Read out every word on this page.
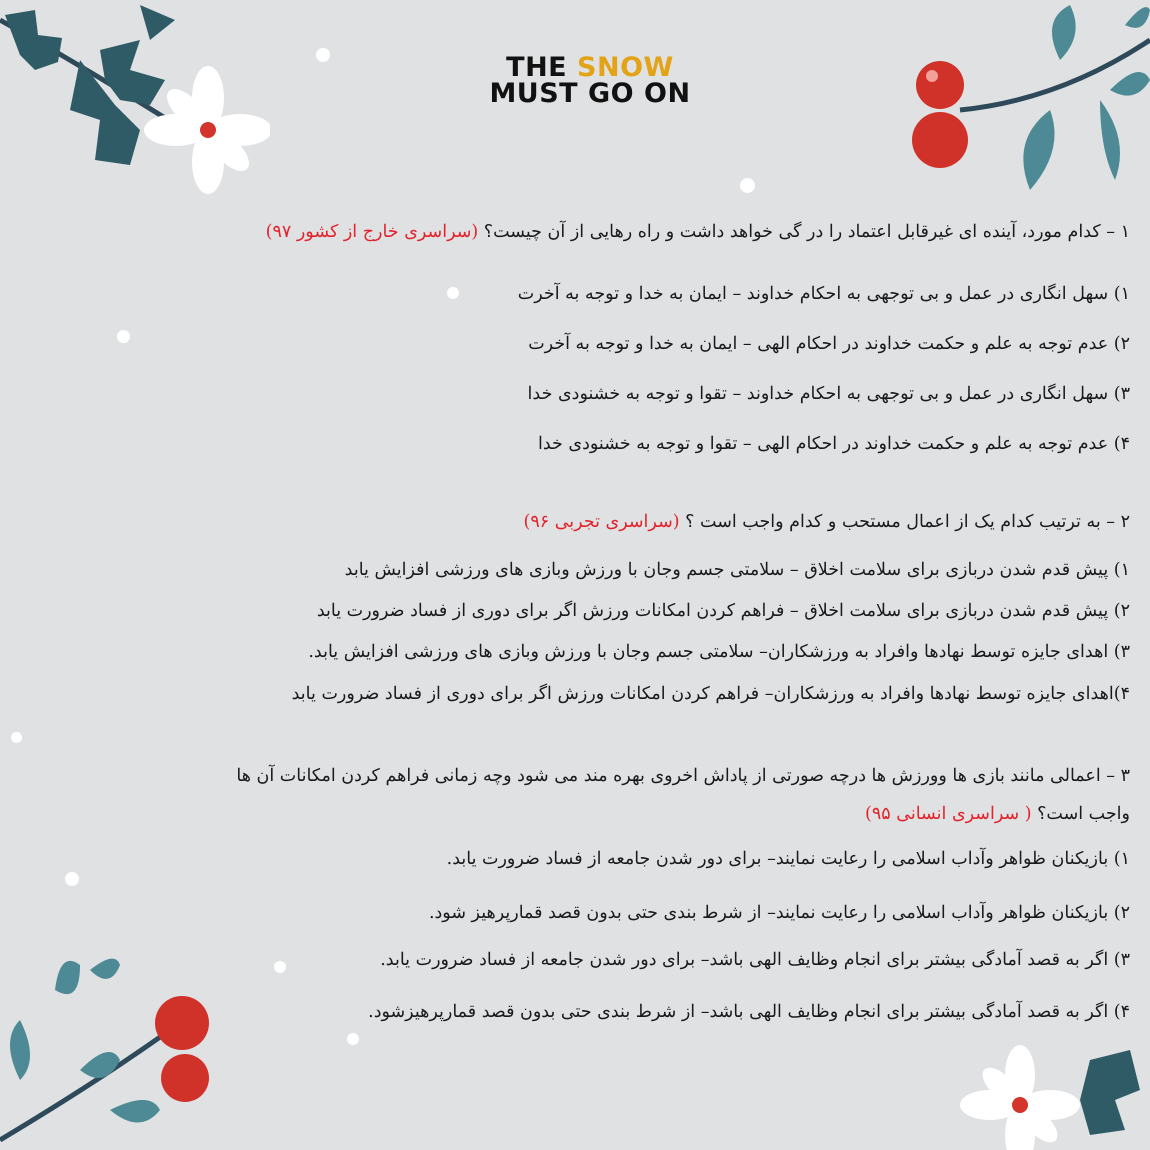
THE SNOW
MUST GO ON
۱ – کدام مورد، آینده ای غیرقابل اعتماد را در گی خواهد داشت و راه رهایی از آن چیست؟ (سراسری خارج از کشور ۹۷)
۱) سهل انگاری در عمل و بی توجهی به احکام خداوند – ایمان به خدا و توجه به آخرت
۲) عدم توجه به علم و حکمت خداوند در احکام الهی – ایمان به خدا و توجه به آخرت
۳) سهل انگاری در عمل و بی توجهی به احکام خداوند – تقوا و توجه به خشنودی خدا
۴) عدم توجه به علم و حکمت خداوند در احکام الهی – تقوا و توجه به خشنودی خدا
۲ – به ترتیب کدام یک از اعمال مستحب و کدام واجب است ؟ (سراسری تجربی ۹۶)
۱) پیش قدم شدن دربازی برای سلامت اخلاق – سلامتی جسم وجان با ورزش وبازی های ورزشی افزایش یابد
۲) پیش قدم شدن دربازی برای سلامت اخلاق – فراهم کردن امکانات ورزش اگر برای دوری از فساد ضرورت یابد
۳) اهدای جایزه توسط نهادها وافراد به ورزشکاران– سلامتی جسم وجان با ورزش وبازی های ورزشی افزایش یابد.
۴)اهدای جایزه توسط نهادها وافراد به ورزشکاران– فراهم کردن امکانات ورزش اگر برای دوری از فساد ضرورت یابد
۳ – اعمالی مانند بازی ها وورزش ها درچه صورتی از پاداش اخروی بهره مند می شود وچه زمانی فراهم کردن امکانات آن ها
واجب است؟ ( سراسری انسانی ۹۵)
۱) بازیکنان ظواهر وآداب اسلامی را رعایت نمایند– برای دور شدن جامعه از فساد ضرورت یابد.
۲) بازیکنان ظواهر وآداب اسلامی را رعایت نمایند– از شرط بندی حتی بدون قصد قمارپرهیز شود.
۳) اگر به قصد آمادگی بیشتر برای انجام وظایف الهی باشد– برای دور شدن جامعه از فساد ضرورت یابد.
۴) اگر به قصد آمادگی بیشتر برای انجام وظایف الهی باشد– از شرط بندی حتی بدون قصد قمارپرهیزشود.
